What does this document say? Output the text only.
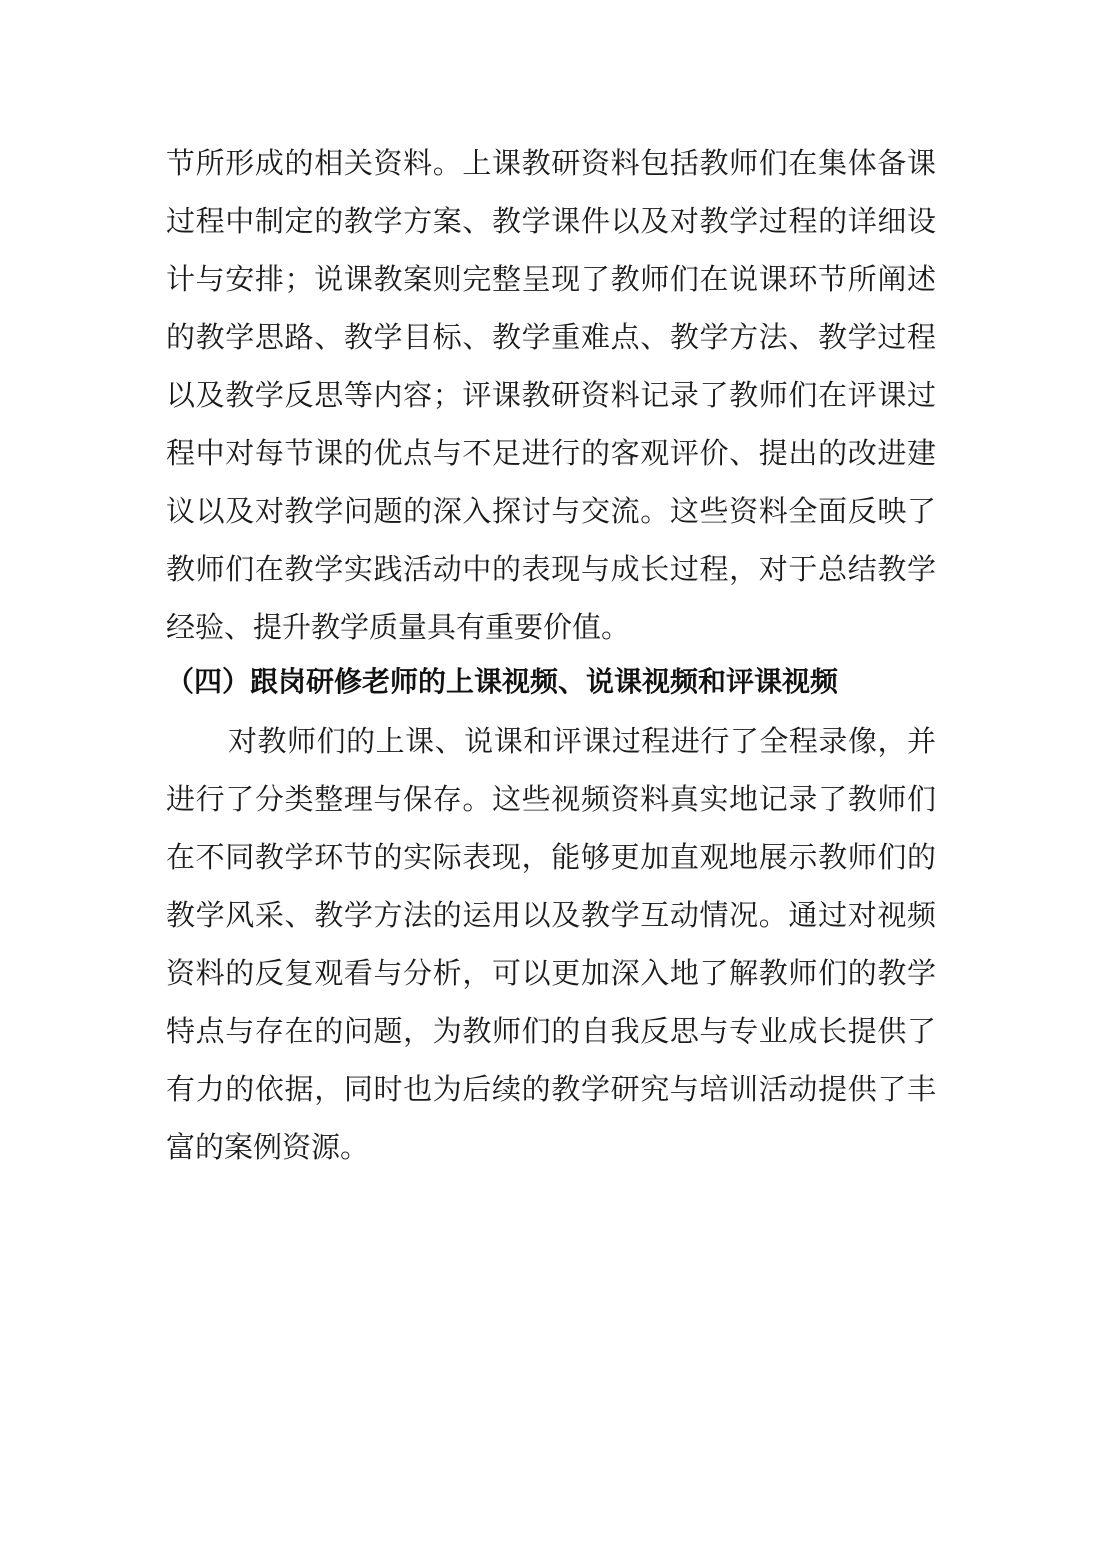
节所形成的相关资料。上课教研资料包括教师们在集体备课
过程中制定的教学方案、教学课件以及对教学过程的详细设
计与安排；说课教案则完整呈现了教师们在说课环节所阐述
的教学思路、教学目标、教学重难点、教学方法、教学过程
以及教学反思等内容；评课教研资料记录了教师们在评课过
程中对每节课的优点与不足进行的客观评价、提出的改进建
议以及对教学问题的深入探讨与交流。这些资料全面反映了
教师们在教学实践活动中的表现与成长过程，对于总结教学
经验、提升教学质量具有重要价值。
（四）跟岗研修老师的上课视频、说课视频和评课视频
对教师们的上课、说课和评课过程进行了全程录像，并
进行了分类整理与保存。这些视频资料真实地记录了教师们
在不同教学环节的实际表现，能够更加直观地展示教师们的
教学风采、教学方法的运用以及教学互动情况。通过对视频
资料的反复观看与分析，可以更加深入地了解教师们的教学
特点与存在的问题，为教师们的自我反思与专业成长提供了
有力的依据，同时也为后续的教学研究与培训活动提供了丰
富的案例资源。
